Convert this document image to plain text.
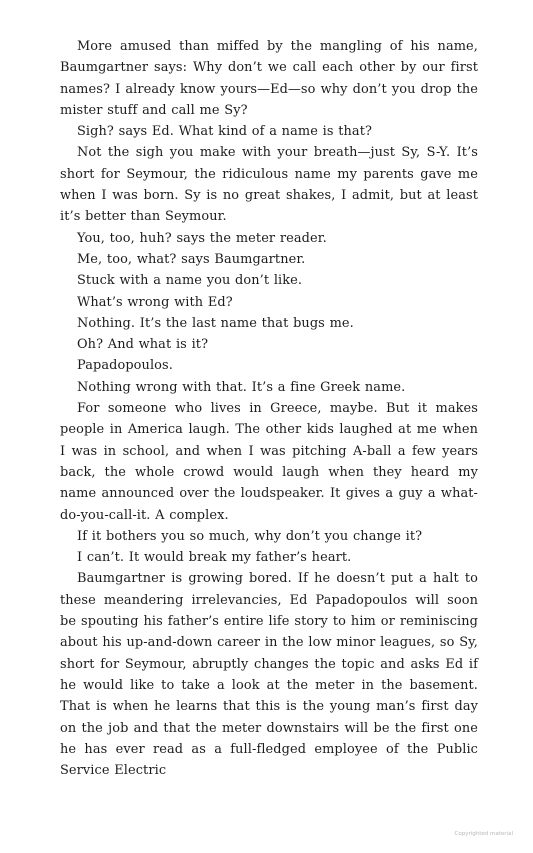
More amused than miffed by the mangling of his name, Baumgartner says: Why don’t we call each other by our first names? I already know yours—Ed—so why don’t you drop the mister stuff and call me Sy?

Sigh? says Ed. What kind of a name is that?

Not the sigh you make with your breath—just Sy, S-Y. It’s short for Seymour, the ridiculous name my parents gave me when I was born. Sy is no great shakes, I admit, but at least it’s better than Seymour.

You, too, huh? says the meter reader.

Me, too, what? says Baumgartner.

Stuck with a name you don’t like.

What’s wrong with Ed?

Nothing. It’s the last name that bugs me.

Oh? And what is it?

Papadopoulos.

Nothing wrong with that. It’s a fine Greek name.

For someone who lives in Greece, maybe. But it makes people in America laugh. The other kids laughed at me when I was in school, and when I was pitching A-ball a few years back, the whole crowd would laugh when they heard my name announced over the loudspeaker. It gives a guy a what-do-you-call-it. A complex.

If it bothers you so much, why don’t you change it?

I can’t. It would break my father’s heart.

Baumgartner is growing bored. If he doesn’t put a halt to these meandering irrelevancies, Ed Papadopoulos will soon be spouting his father’s entire life story to him or reminiscing about his up-and-down career in the low minor leagues, so Sy, short for Seymour, abruptly changes the topic and asks Ed if he would like to take a look at the meter in the basement. That is when he learns that this is the young man’s first day on the job and that the meter downstairs will be the first one he has ever read as a full-fledged employee of the Public Service Electric

Copyrighted material
